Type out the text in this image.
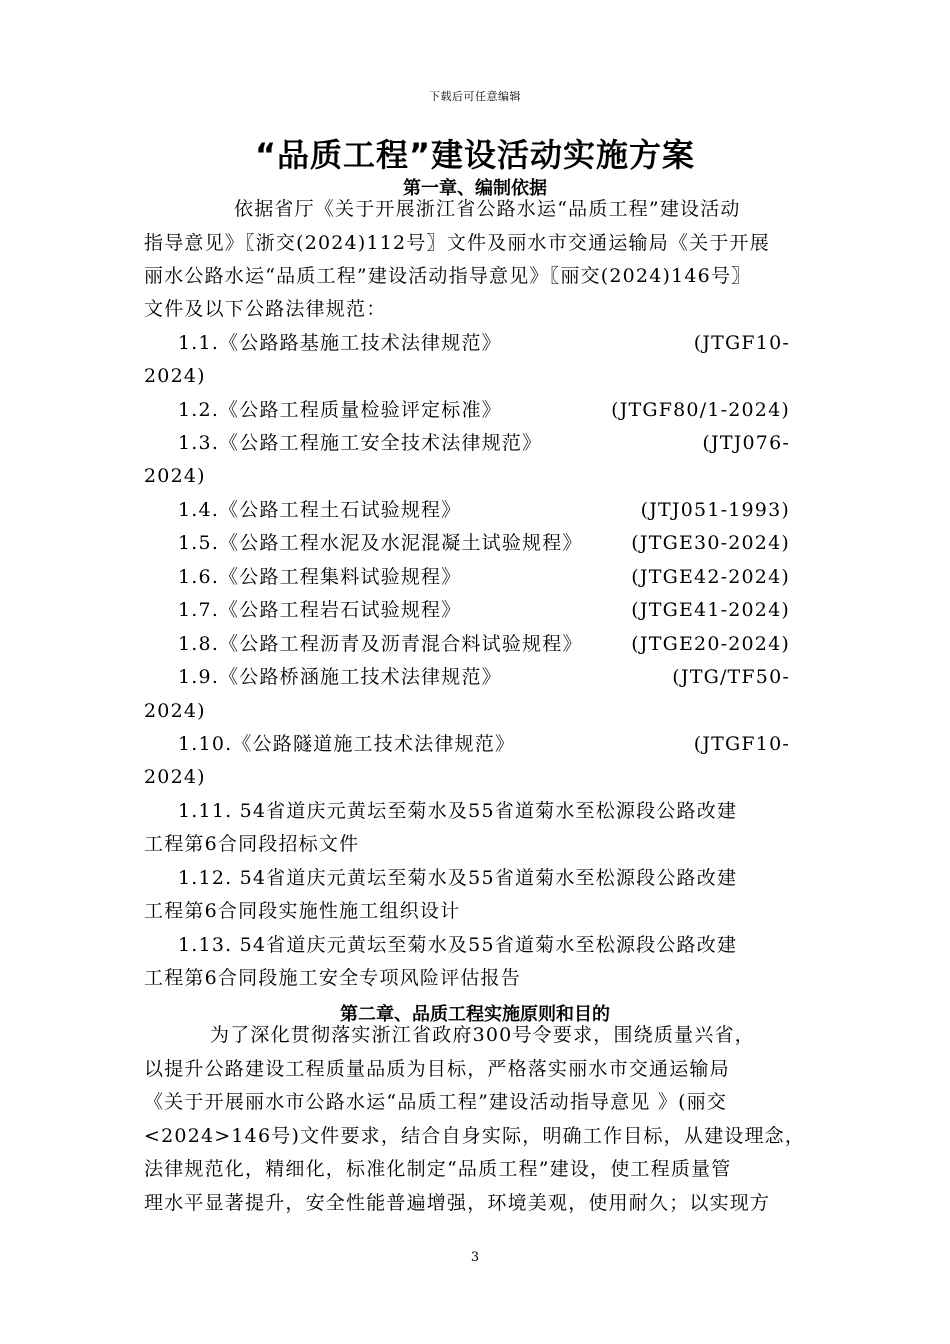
下载后可任意编辑
“品质工程”建设活动实施方案
第一章、编制依据
依据省厅《关于开展浙江省公路水运“品质工程”建设活动
指导意见》〖浙交(2024)112号〗文件及丽水市交通运输局《关于开展
丽水公路水运“品质工程”建设活动指导意见》〖丽交(2024)146号〗
文件及以下公路法律规范：
1.1.《公路路基施工技术法律规范》	(JTGF10-
2024)
1.2.《公路工程质量检验评定标准》	(JTGF80/1-2024)
1.3.《公路工程施工安全技术法律规范》	(JTJ076-
2024)
1.4.《公路工程土石试验规程》	(JTJ051-1993)
1.5.《公路工程水泥及水泥混凝土试验规程》	(JTGE30-2024)
1.6.《公路工程集料试验规程》	(JTGE42-2024)
1.7.《公路工程岩石试验规程》	(JTGE41-2024)
1.8.《公路工程沥青及沥青混合料试验规程》	(JTGE20-2024)
1.9.《公路桥涵施工技术法律规范》	(JTG/TF50-
2024)
1.10.《公路隧道施工技术法律规范》	(JTGF10-
2024)
1.11. 54省道庆元黄坛至菊水及55省道菊水至松源段公路改建
工程第6合同段招标文件
1.12. 54省道庆元黄坛至菊水及55省道菊水至松源段公路改建
工程第6合同段实施性施工组织设计
1.13. 54省道庆元黄坛至菊水及55省道菊水至松源段公路改建
工程第6合同段施工安全专项风险评估报告
第二章、品质工程实施原则和目的
为了深化贯彻落实浙江省政府300号令要求，围绕质量兴省，
以提升公路建设工程质量品质为目标，严格落实丽水市交通运输局
《关于开展丽水市公路水运“品质工程”建设活动指导意见 》(丽交
<2024>146号)文件要求，结合自身实际，明确工作目标，从建设理念，
法律规范化，精细化，标准化制定“品质工程”建设，使工程质量管
理水平显著提升，安全性能普遍增强，环境美观，使用耐久；以实现方
3
